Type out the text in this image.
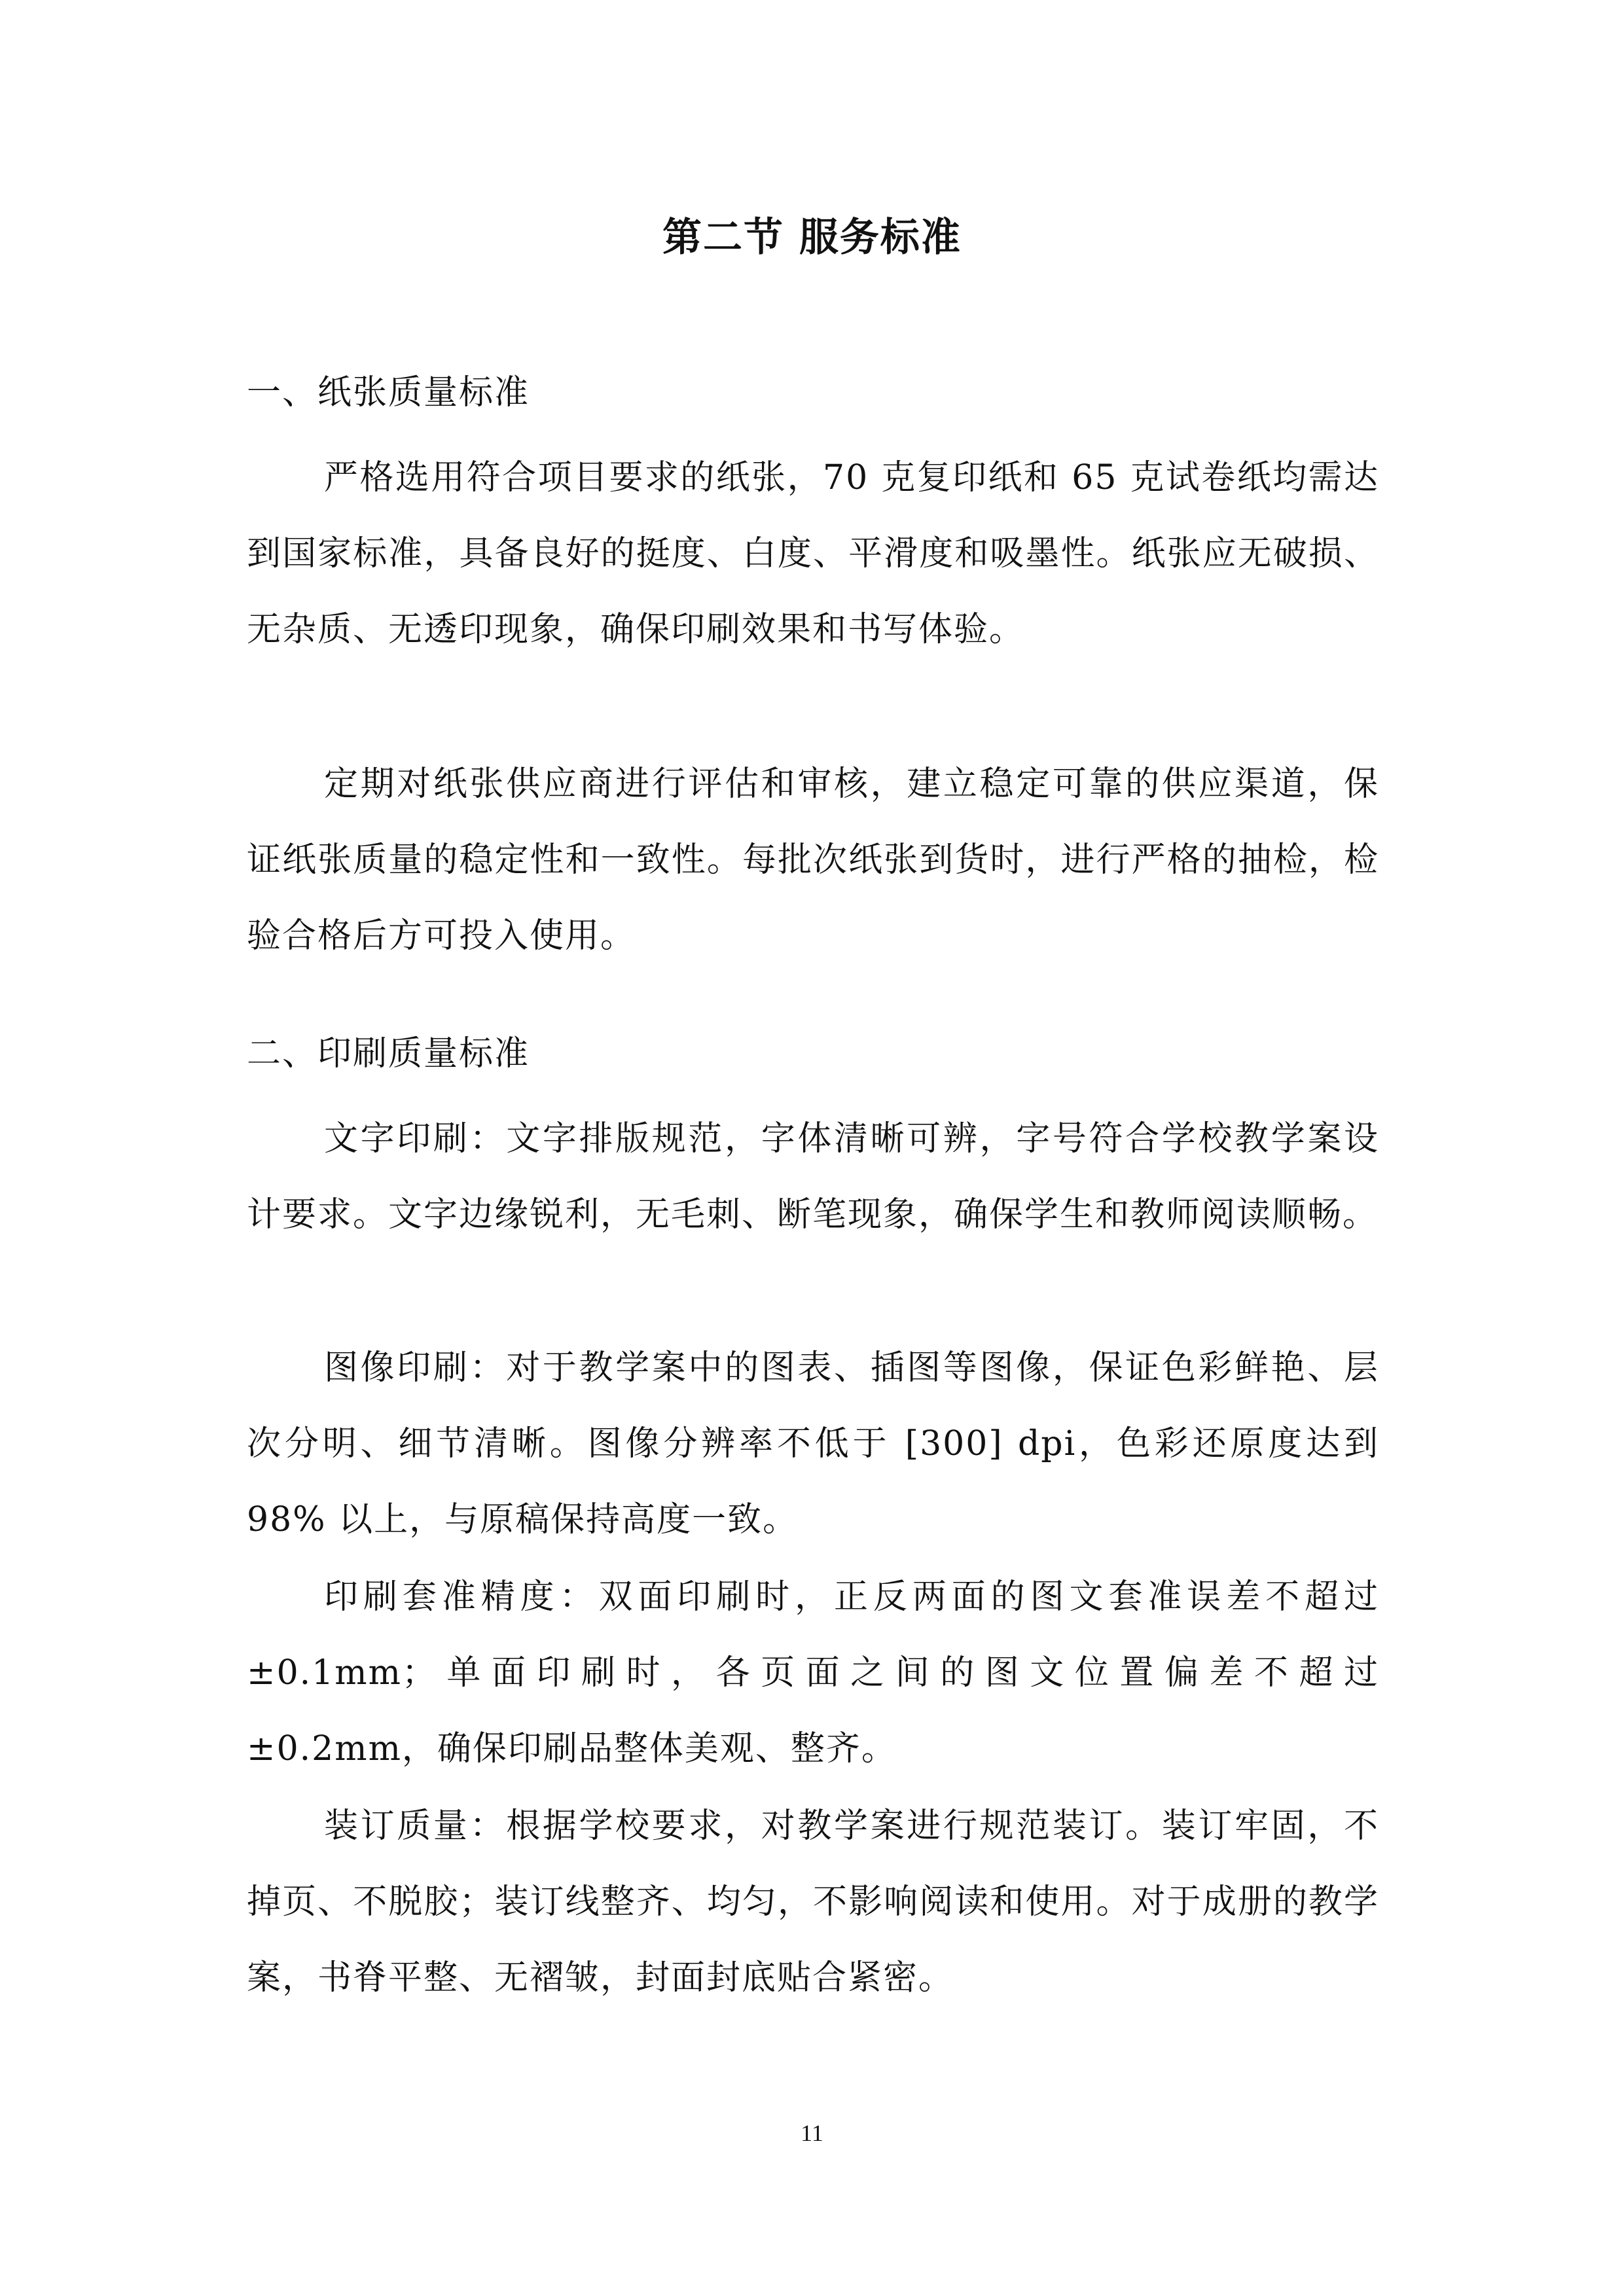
第二节 服务标准
一、纸张质量标准
严格选用符合项目要求的纸张，70 克复印纸和 65 克试卷纸均需达到国家标准，具备良好的挺度、白度、平滑度和吸墨性。纸张应无破损、无杂质、无透印现象，确保印刷效果和书写体验。
定期对纸张供应商进行评估和审核，建立稳定可靠的供应渠道，保证纸张质量的稳定性和一致性。每批次纸张到货时，进行严格的抽检，检验合格后方可投入使用。
二、印刷质量标准
文字印刷：文字排版规范，字体清晰可辨，字号符合学校教学案设计要求。文字边缘锐利，无毛刺、断笔现象，确保学生和教师阅读顺畅。
图像印刷：对于教学案中的图表、插图等图像，保证色彩鲜艳、层次分明、细节清晰。图像分辨率不低于 [300] dpi，色彩还原度达到 98% 以上，与原稿保持高度一致。
印刷套准精度：双面印刷时，正反两面的图文套准误差不超过 ±0.1mm；单面印刷时，各页面之间的图文位置偏差不超过 ±0.2mm，确保印刷品整体美观、整齐。
装订质量：根据学校要求，对教学案进行规范装订。装订牢固，不掉页、不脱胶；装订线整齐、均匀，不影响阅读和使用。对于成册的教学案，书脊平整、无褶皱，封面封底贴合紧密。
11
